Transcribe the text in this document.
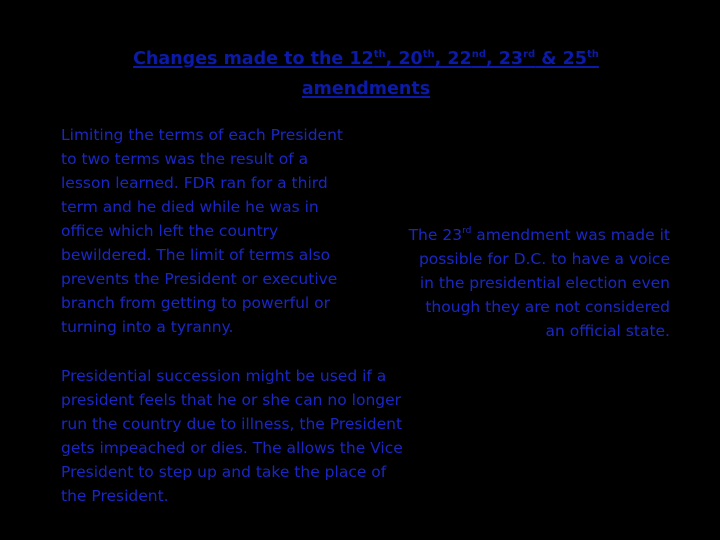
Changes made to the 12th, 20th, 22nd, 23rd & 25th amendments

Limiting the terms of each President to two terms was the result of a lesson learned. FDR ran for a third term and he died while he was in office which left the country bewildered. The limit of terms also prevents the President or executive branch from getting to powerful or turning into a tyranny.

Presidential succession might be used if a president feels that he or she can no longer run the country due to illness, the President gets impeached or dies. The allows the Vice President to step up and take the place of the President.

The 23rd amendment was made it possible for D.C. to have a voice in the presidential election even though they are not considered an official state.
